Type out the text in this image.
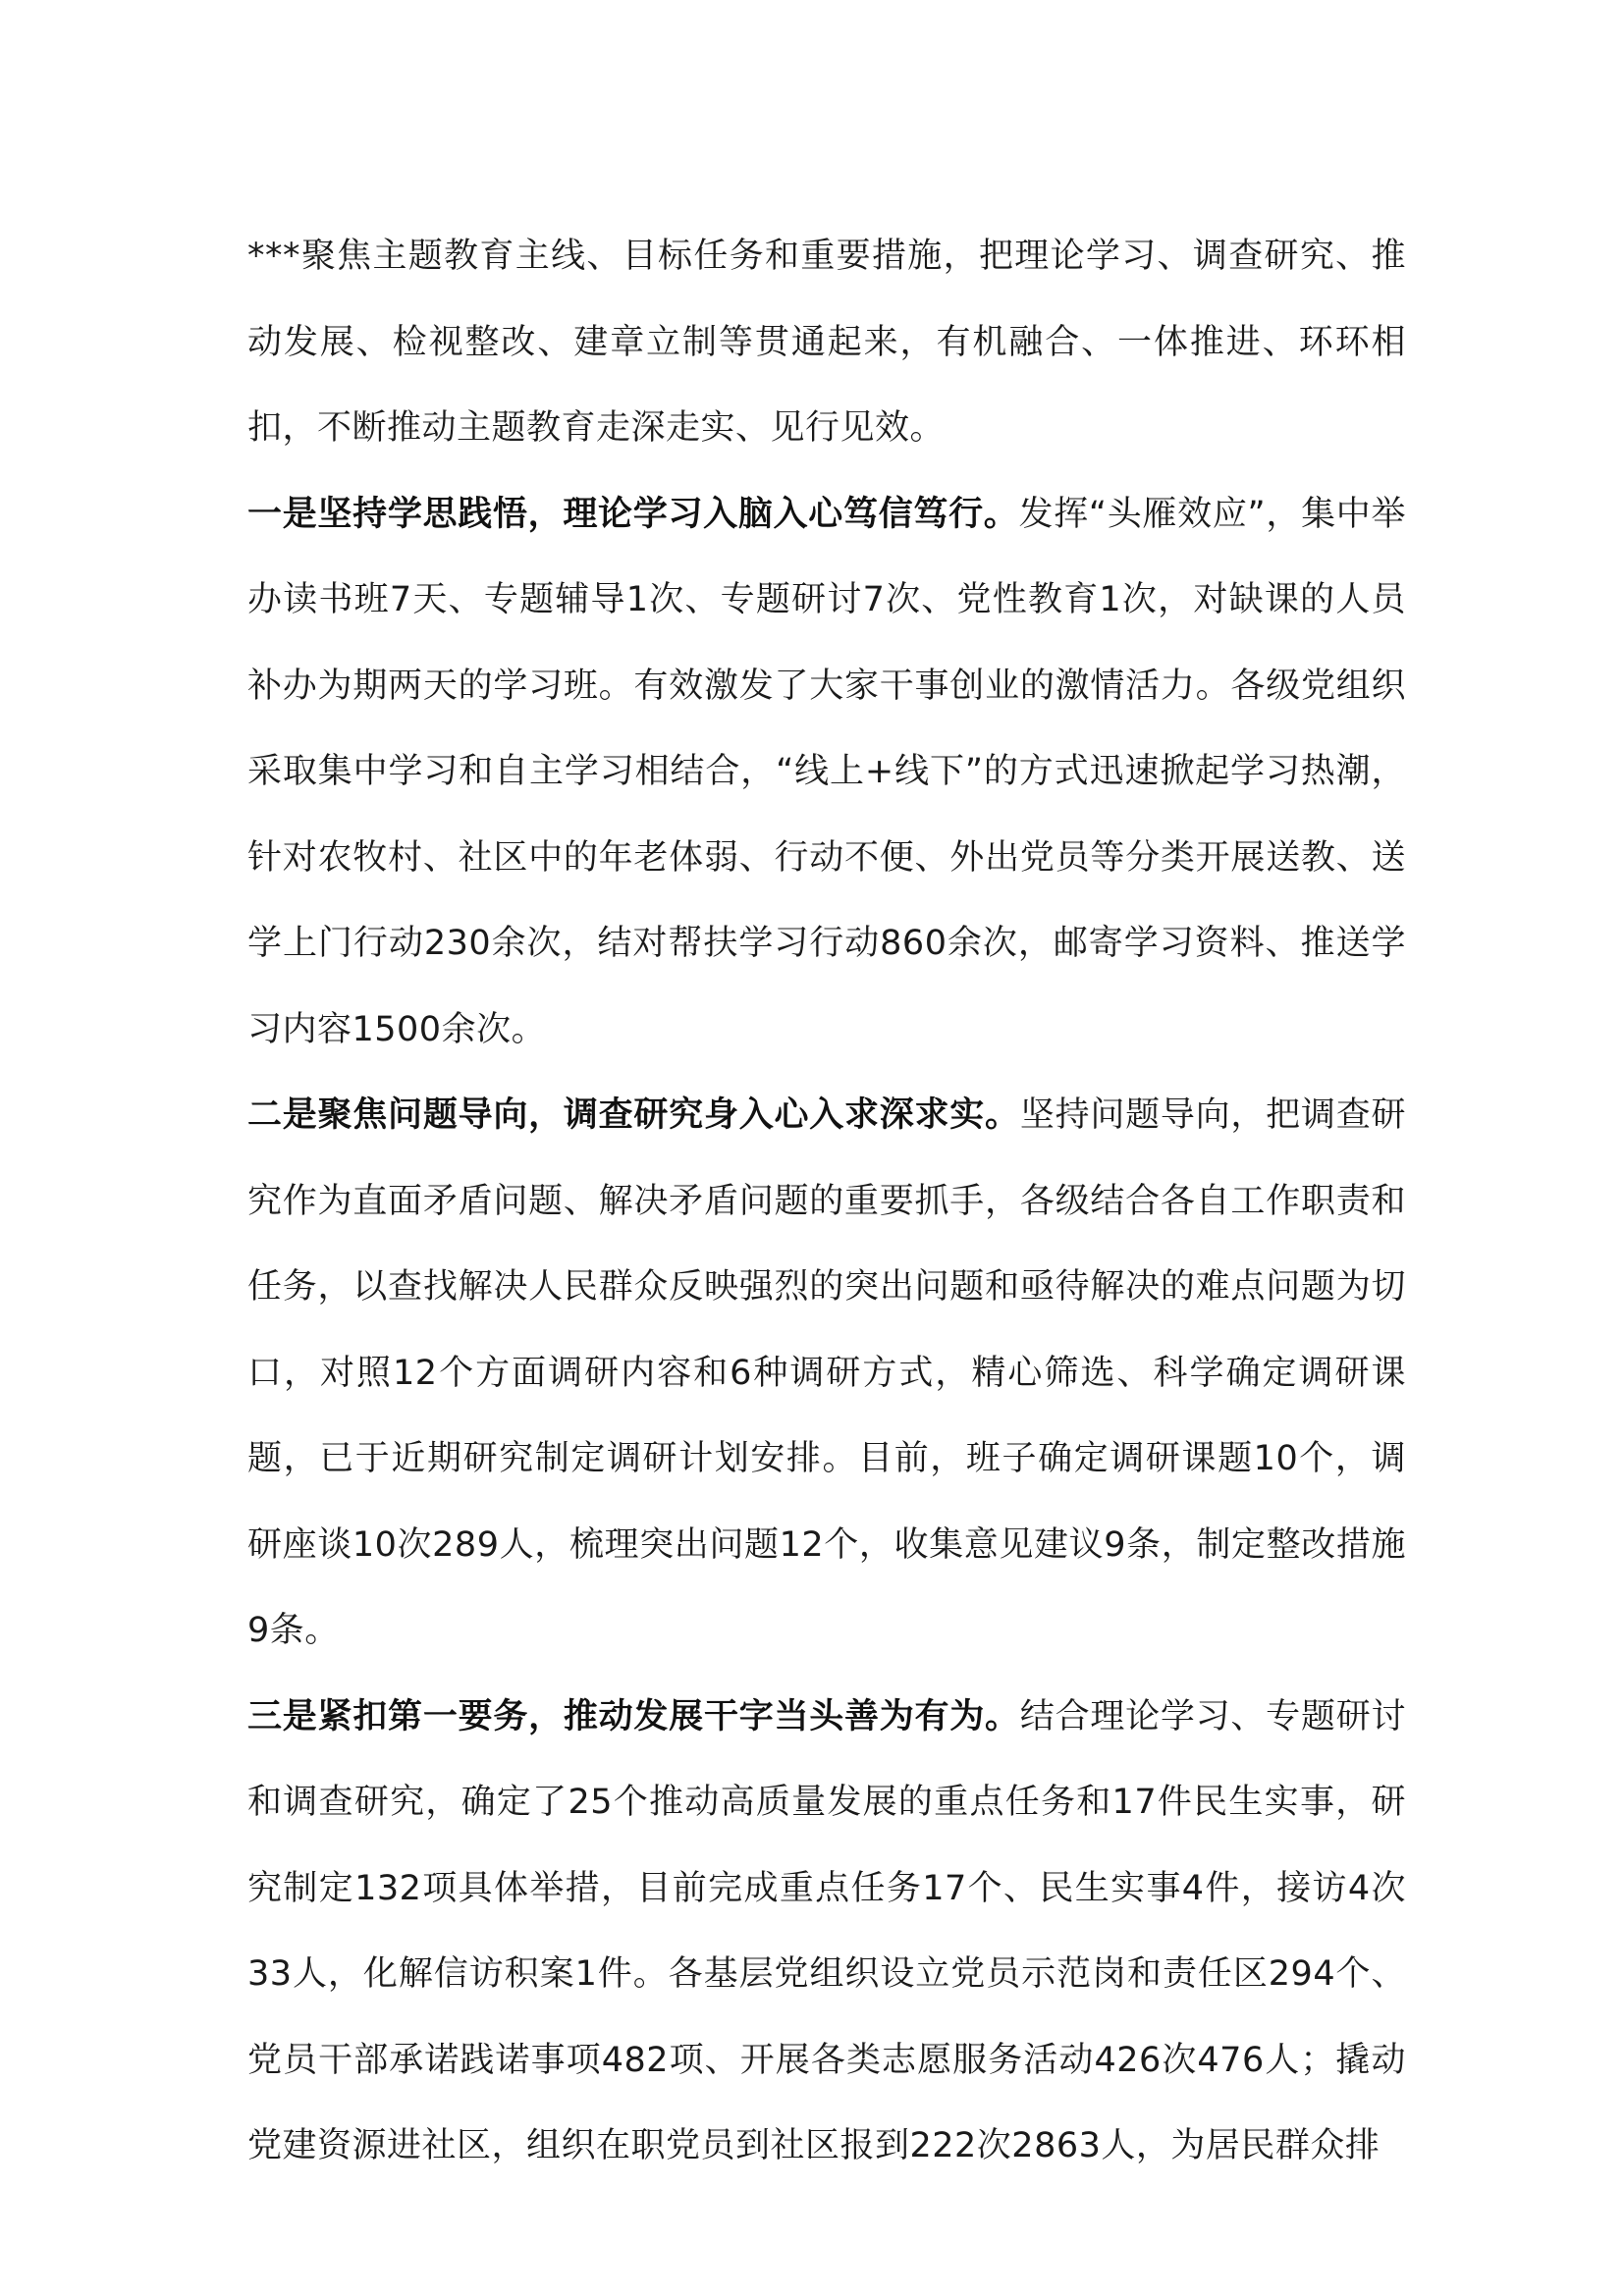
***聚焦主题教育主线、目标任务和重要措施，把理论学习、调查研究、推动发展、检视整改、建章立制等贯通起来，有机融合、一体推进、环环相扣，不断推动主题教育走深走实、见行见效。

一是坚持学思践悟，理论学习入脑入心笃信笃行。发挥“头雁效应”，集中举办读书班7天、专题辅导1次、专题研讨7次、党性教育1次，对缺课的人员补办为期两天的学习班。有效激发了大家干事创业的激情活力。各级党组织采取集中学习和自主学习相结合，“线上+线下”的方式迅速掀起学习热潮，针对农牧村、社区中的年老体弱、行动不便、外出党员等分类开展送教、送学上门行动230余次，结对帮扶学习行动860余次，邮寄学习资料、推送学习内容1500余次。

二是聚焦问题导向，调查研究身入心入求深求实。坚持问题导向，把调查研究作为直面矛盾问题、解决矛盾问题的重要抓手，各级结合各自工作职责和任务，以查找解决人民群众反映强烈的突出问题和亟待解决的难点问题为切口，对照12个方面调研内容和6种调研方式，精心筛选、科学确定调研课题，已于近期研究制定调研计划安排。目前，班子确定调研课题10个，调研座谈10次289人，梳理突出问题12个，收集意见建议9条，制定整改措施9条。

三是紧扣第一要务，推动发展干字当头善为有为。结合理论学习、专题研讨和调查研究，确定了25个推动高质量发展的重点任务和17件民生实事，研究制定132项具体举措，目前完成重点任务17个、民生实事4件，接访4次33人，化解信访积案1件。各基层党组织设立党员示范岗和责任区294个、党员干部承诺践诺事项482项、开展各类志愿服务活动426次476人；撬动党建资源进社区，组织在职党员到社区报到222次2863人，为居民群众排
